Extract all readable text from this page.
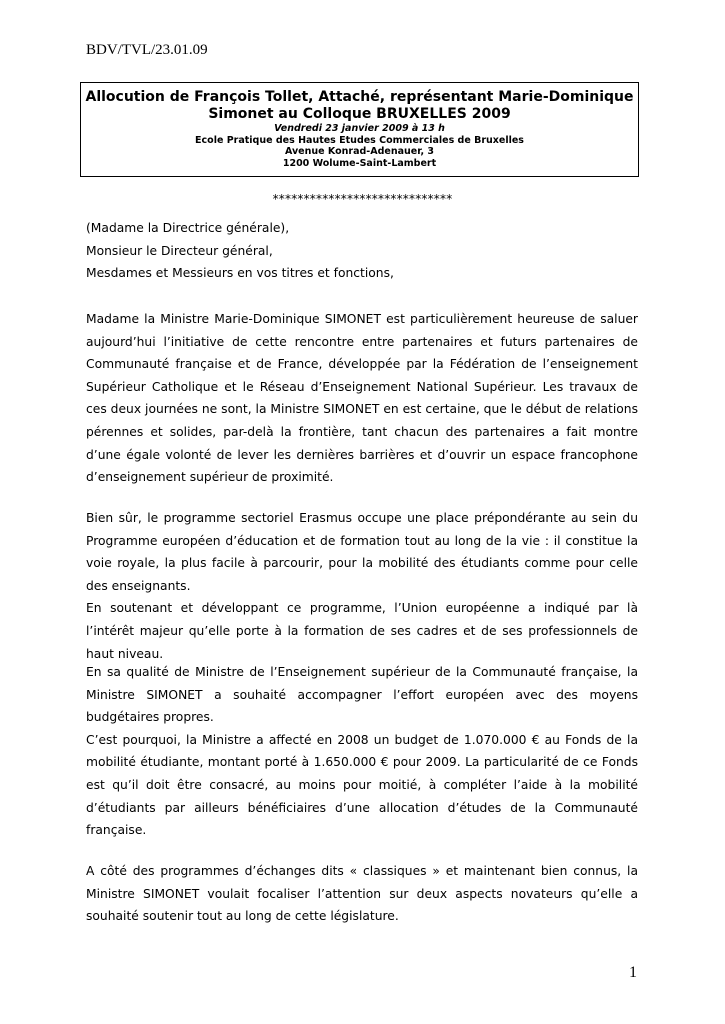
BDV/TVL/23.01.09
Allocution de François Tollet, Attaché, représentant Marie-Dominique
Simonet au Colloque BRUXELLES 2009
Vendredi 23 janvier 2009 à 13 h
Ecole Pratique des Hautes Etudes Commerciales de Bruxelles
Avenue Konrad-Adenauer, 3
1200 Wolume-Saint-Lambert
*****************************

(Madame la Directrice générale),

Monsieur le Directeur général,

Mesdames et Messieurs en vos titres et fonctions,

Madame la Ministre Marie-Dominique SIMONET est particulièrement heureuse de saluer aujourd’hui l’initiative de cette rencontre entre partenaires et futurs partenaires de Communauté française et de France, développée par la Fédération de l’enseignement Supérieur Catholique et le Réseau d’Enseignement National Supérieur. Les travaux de ces deux journées ne sont, la Ministre SIMONET en est certaine, que le début de relations pérennes et solides, par-delà la frontière, tant chacun des partenaires a fait montre d’une égale volonté de lever les dernières barrières et d’ouvrir un espace francophone d’enseignement supérieur de proximité.

Bien sûr, le programme sectoriel Erasmus occupe une place prépondérante au sein du Programme européen d’éducation et de formation tout au long de la vie : il constitue la voie royale, la plus facile à parcourir, pour la mobilité des étudiants comme pour celle des enseignants.

En soutenant et développant ce programme, l’Union européenne a indiqué par là l’intérêt majeur qu’elle porte à la formation de ses cadres et de ses professionnels de haut niveau.

En sa qualité de Ministre de l’Enseignement supérieur de la Communauté française, la Ministre SIMONET a souhaité accompagner l’effort européen avec des moyens budgétaires propres.

C’est pourquoi, la Ministre a affecté en 2008 un budget de 1.070.000 € au Fonds de la mobilité étudiante, montant porté à 1.650.000 € pour 2009. La particularité de ce Fonds est qu’il doit être consacré, au moins pour moitié, à compléter l’aide à la mobilité d’étudiants par ailleurs bénéficiaires d’une allocation d’études de la Communauté française.

A côté des programmes d’échanges dits « classiques » et maintenant bien connus, la Ministre SIMONET voulait focaliser l’attention sur deux aspects novateurs qu’elle a souhaité soutenir tout au long de cette législature.

1
